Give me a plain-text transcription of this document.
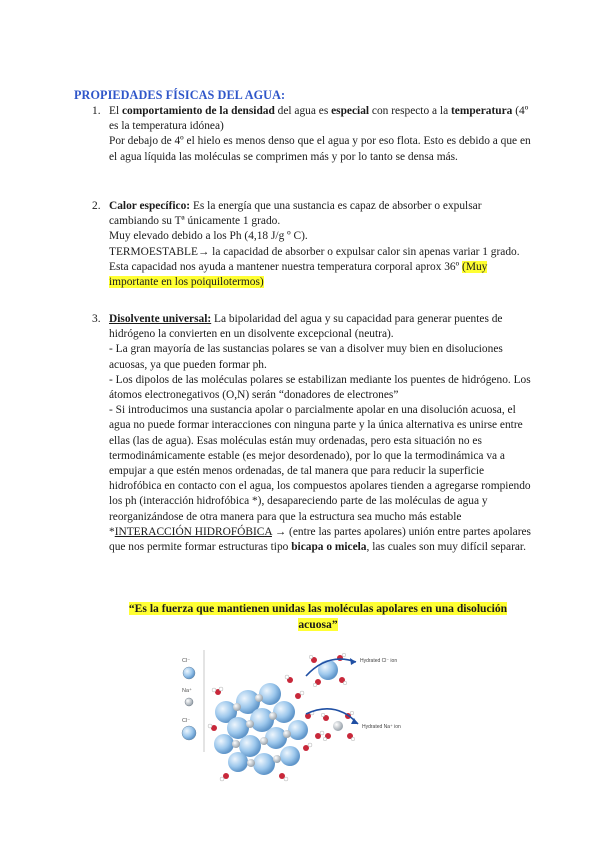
PROPIEDADES FÍSICAS DEL AGUA:
1. El comportamiento de la densidad del agua es especial con respecto a la temperatura (4º es la temperatura idónea)

Por debajo de 4º el hielo es menos denso que el agua y por eso flota. Esto es debido a que en el agua líquida las moléculas se comprimen más y por lo tanto se densa más.

2. Calor específico: Es la energía que una sustancia es capaz de absorber o expulsar cambiando su Tª únicamente 1 grado.

Muy elevado debido a los Ph (4,18 J/g º C).

TERMOESTABLE→ la capacidad de absorber o expulsar calor sin apenas variar 1 grado. Esta capacidad nos ayuda a mantener nuestra temperatura corporal aprox 36º (Muy importante en los poiquilotermos)

3. Disolvente universal: La bipolaridad del agua y su capacidad para generar puentes de hidrógeno la convierten en un disolvente excepcional (neutra).

- La gran mayoría de las sustancias polares se van a disolver muy bien en disoluciones acuosas, ya que pueden formar ph.

- Los dipolos de las moléculas polares se estabilizan mediante los puentes de hidrógeno. Los átomos electronegativos (O,N) serán “donadores de electrones”

- Si introducimos una sustancia apolar o parcialmente apolar en una disolución acuosa, el agua no puede formar interacciones con ninguna parte y la única alternativa es unirse entre ellas (las de agua). Esas moléculas están muy ordenadas, pero esta situación no es termodinámicamente estable (es mejor desordenado), por lo que la termodinámica va a empujar a que estén menos ordenadas, de tal manera que para reducir la superficie hidrofóbica en contacto con el agua, los compuestos apolares tienden a agregarse rompiendo los ph (interacción hidrofóbica *), desapareciendo parte de las moléculas de agua y reorganizándose de otra manera para que la estructura sea mucho más estable

*INTERACCIÓN HIDROFÓBICA → (entre las partes apolares) unión entre partes apolares que nos permite formar estructuras tipo bicapa o micela, las cuales son muy difícil separar.

“Es la fuerza que mantienen unidas las moléculas apolares en una disolución acuosa”
Cl⁻
Na⁺
Cl⁻
Hydrated Cl⁻ ion
Hydrated Na⁺ ion
